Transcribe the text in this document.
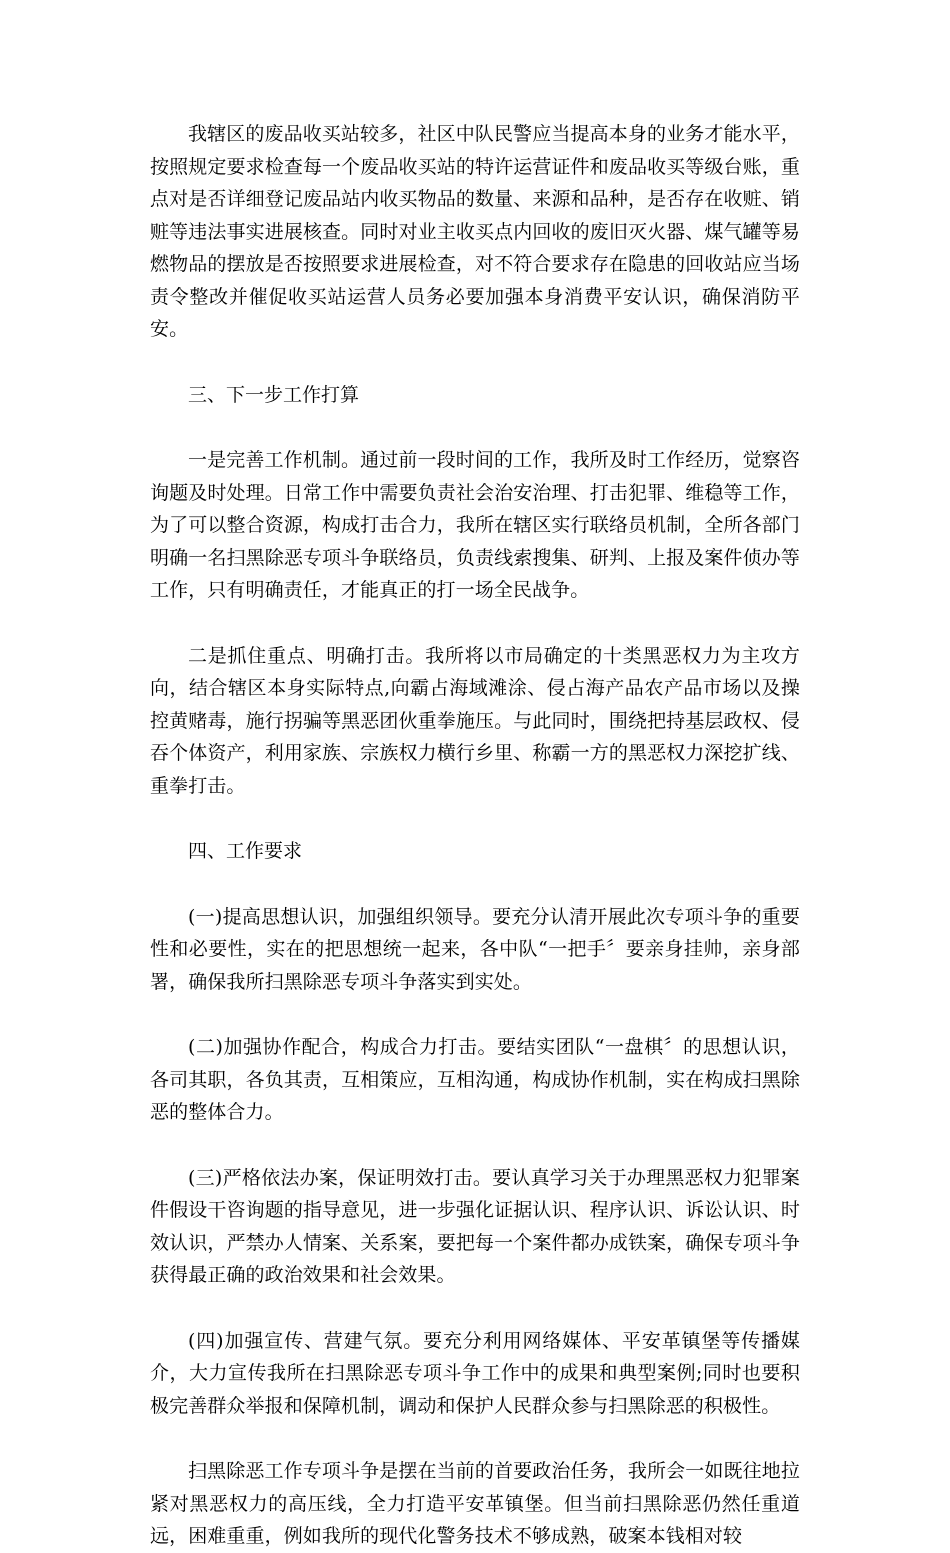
我辖区的废品收买站较多，社区中队民警应当提高本身的业务才能水平，按照规定要求检查每一个废品收买站的特许运营证件和废品收买等级台账，重点对是否详细登记废品站内收买物品的数量、来源和品种，是否存在收赃、销赃等违法事实进展核查。同时对业主收买点内回收的废旧灭火器、煤气罐等易燃物品的摆放是否按照要求进展检查，对不符合要求存在隐患的回收站应当场责令整改并催促收买站运营人员务必要加强本身消费平安认识，确保消防平安。

三、下一步工作打算

一是完善工作机制。通过前一段时间的工作，我所及时工作经历，觉察咨询题及时处理。日常工作中需要负责社会治安治理、打击犯罪、维稳等工作，为了可以整合资源，构成打击合力，我所在辖区实行联络员机制，全所各部门明确一名扫黑除恶专项斗争联络员，负责线索搜集、研判、上报及案件侦办等工作，只有明确责任，才能真正的打一场全民战争。

二是抓住重点、明确打击。我所将以市局确定的十类黑恶权力为主攻方向，结合辖区本身实际特点,向霸占海域滩涂、侵占海产品农产品市场以及操控黄赌毒，施行拐骗等黑恶团伙重拳施压。与此同时，围绕把持基层政权、侵吞个体资产，利用家族、宗族权力横行乡里、称霸一方的黑恶权力深挖扩线、重拳打击。

四、工作要求

(一)提高思想认识，加强组织领导。要充分认清开展此次专项斗争的重要性和必要性，实在的把思想统一起来，各中队“一把手〞要亲身挂帅，亲身部署，确保我所扫黑除恶专项斗争落实到实处。

(二)加强协作配合，构成合力打击。要结实团队“一盘棋〞的思想认识，各司其职，各负其责，互相策应，互相沟通，构成协作机制，实在构成扫黑除恶的整体合力。

(三)严格依法办案，保证明效打击。要认真学习关于办理黑恶权力犯罪案件假设干咨询题的指导意见，进一步强化证据认识、程序认识、诉讼认识、时效认识，严禁办人情案、关系案，要把每一个案件都办成铁案，确保专项斗争获得最正确的政治效果和社会效果。

(四)加强宣传、营建气氛。要充分利用网络媒体、平安革镇堡等传播媒介，大力宣传我所在扫黑除恶专项斗争工作中的成果和典型案例;同时也要积极完善群众举报和保障机制，调动和保护人民群众参与扫黑除恶的积极性。

扫黑除恶工作专项斗争是摆在当前的首要政治任务，我所会一如既往地拉紧对黑恶权力的高压线，全力打造平安革镇堡。但当前扫黑除恶仍然任重道远，困难重重，例如我所的现代化警务技术不够成熟，破案本钱相对较
